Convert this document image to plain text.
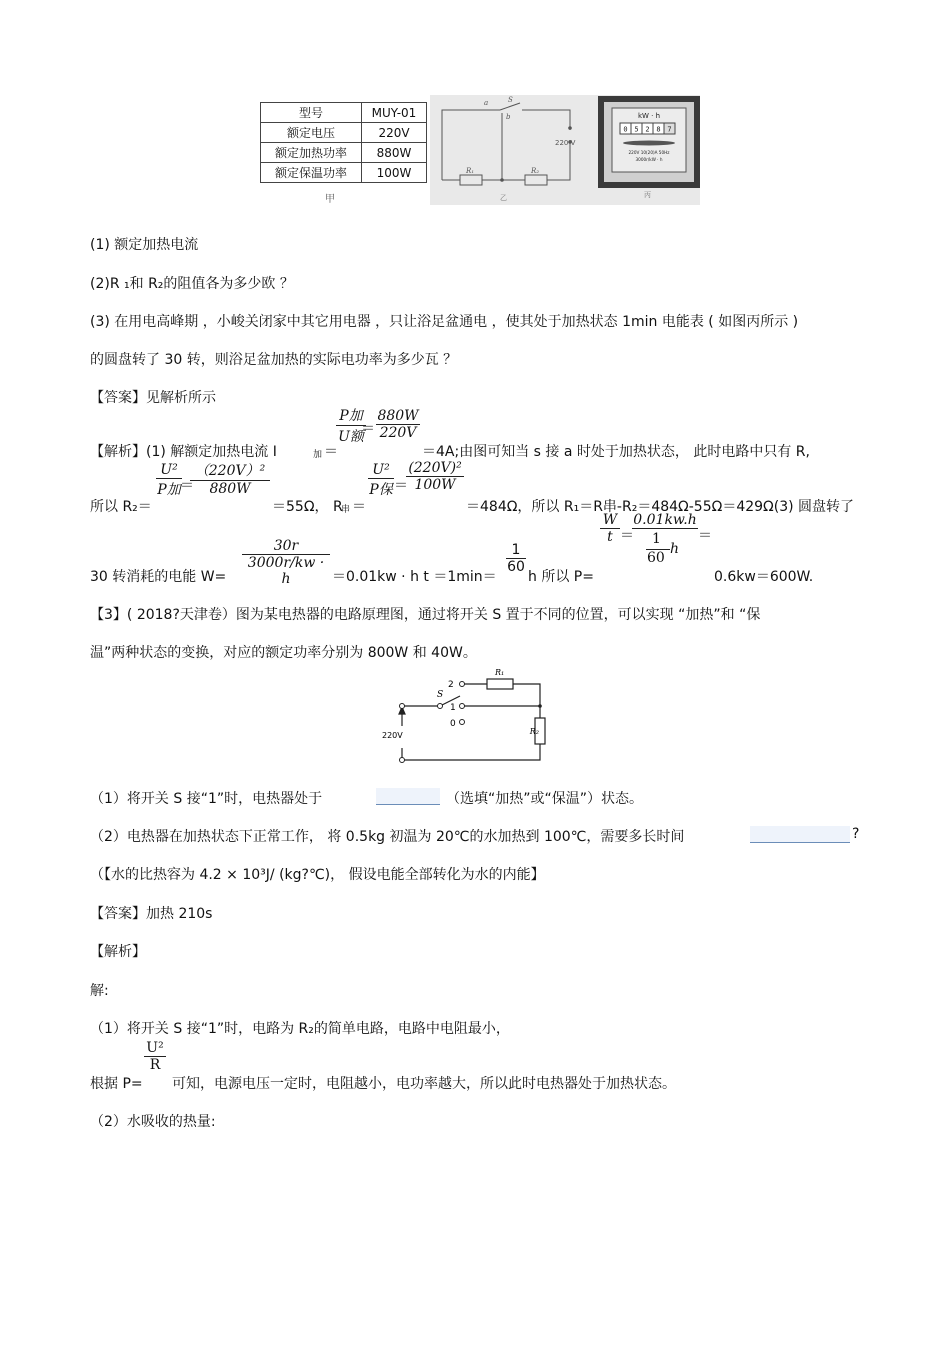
型号	MUY-01
额定电压	220V
额定加热功率	880W
额定保温功率	100W
甲
a	S
b
220 V
R₁	R₂
乙	丙
kW · h
0 5 2 8 7
220V 10(20)A 50Hz
3000r/kW · h
(1) 额定加热电流
(2)R ₁和 R₂的阻值各为多少欧 ？
(3) 在用电高峰期 ，小峻关闭家中其它用电器 ，只让浴足盆通电 ，使其处于加热状态 1min 电能表 ( 如图丙所示 )
的圆盘转了 30 转，则浴足盆加热的实际电功率为多少瓦 ？
【答案】见解析所示
【解析】(1) 解额定加热电流 I	加 ＝
P加
U额
＝ $\frac{880W}{220V}$
＝4A;由图可知当 s 接 a 时处于加热状态， 此时电路中只有 R,
所以 R₂＝
U²
P加 ＝
$\frac{\text{（220V）²}}{880W}$
＝55Ω， R
串 ＝
U²
P保 ＝
$\frac{\text{(220V)²}}{100W}$
＝484Ω，所以 R₁＝R串-R₂＝484Ω-55Ω＝429Ω(3) 圆盘转了
30 转消耗的电能 $W= \frac{30r}{3000r/kw \cdot h} =0.01kw \cdot h$ t ＝1min＝
$\frac{1}{60}$
h 所以 P=
$\frac{W}{t}$ ＝
0.01kw.h
1
60
h ＝
0.6kw＝600W.
【3】( 2018?天津卷）图为某电热器的电路原理图，通过将开关 S 置于不同的位置，可以实现 “加热”和 “保
温”两种状态的变换，对应的额定功率分别为 800W 和 40W。
2
S
1
0
R₁
R₂
220V
（1）将开关 S 接“1”时，电热器处于	（选填“加热”或“保温”）状态。
（2）电热器在加热状态下正常工作， 将 0.5kg 初温为 20℃的水加热到 100℃，需要多长时间	?
（【水的比热容为 4.2 × 10³J/ (kg?℃)， 假设电能全部转化为水的内能】
【答案】加热 210s
【解析】
解:
（1）将开关 S 接“1”时，电路为 R₂的简单电路，电路中电阻最小，
根据 P=
$\frac{\text{U²}}{R}$
可知，电源电压一定时，电阻越小，电功率越大，所以此时电热器处于加热状态。
（2）水吸收的热量:
